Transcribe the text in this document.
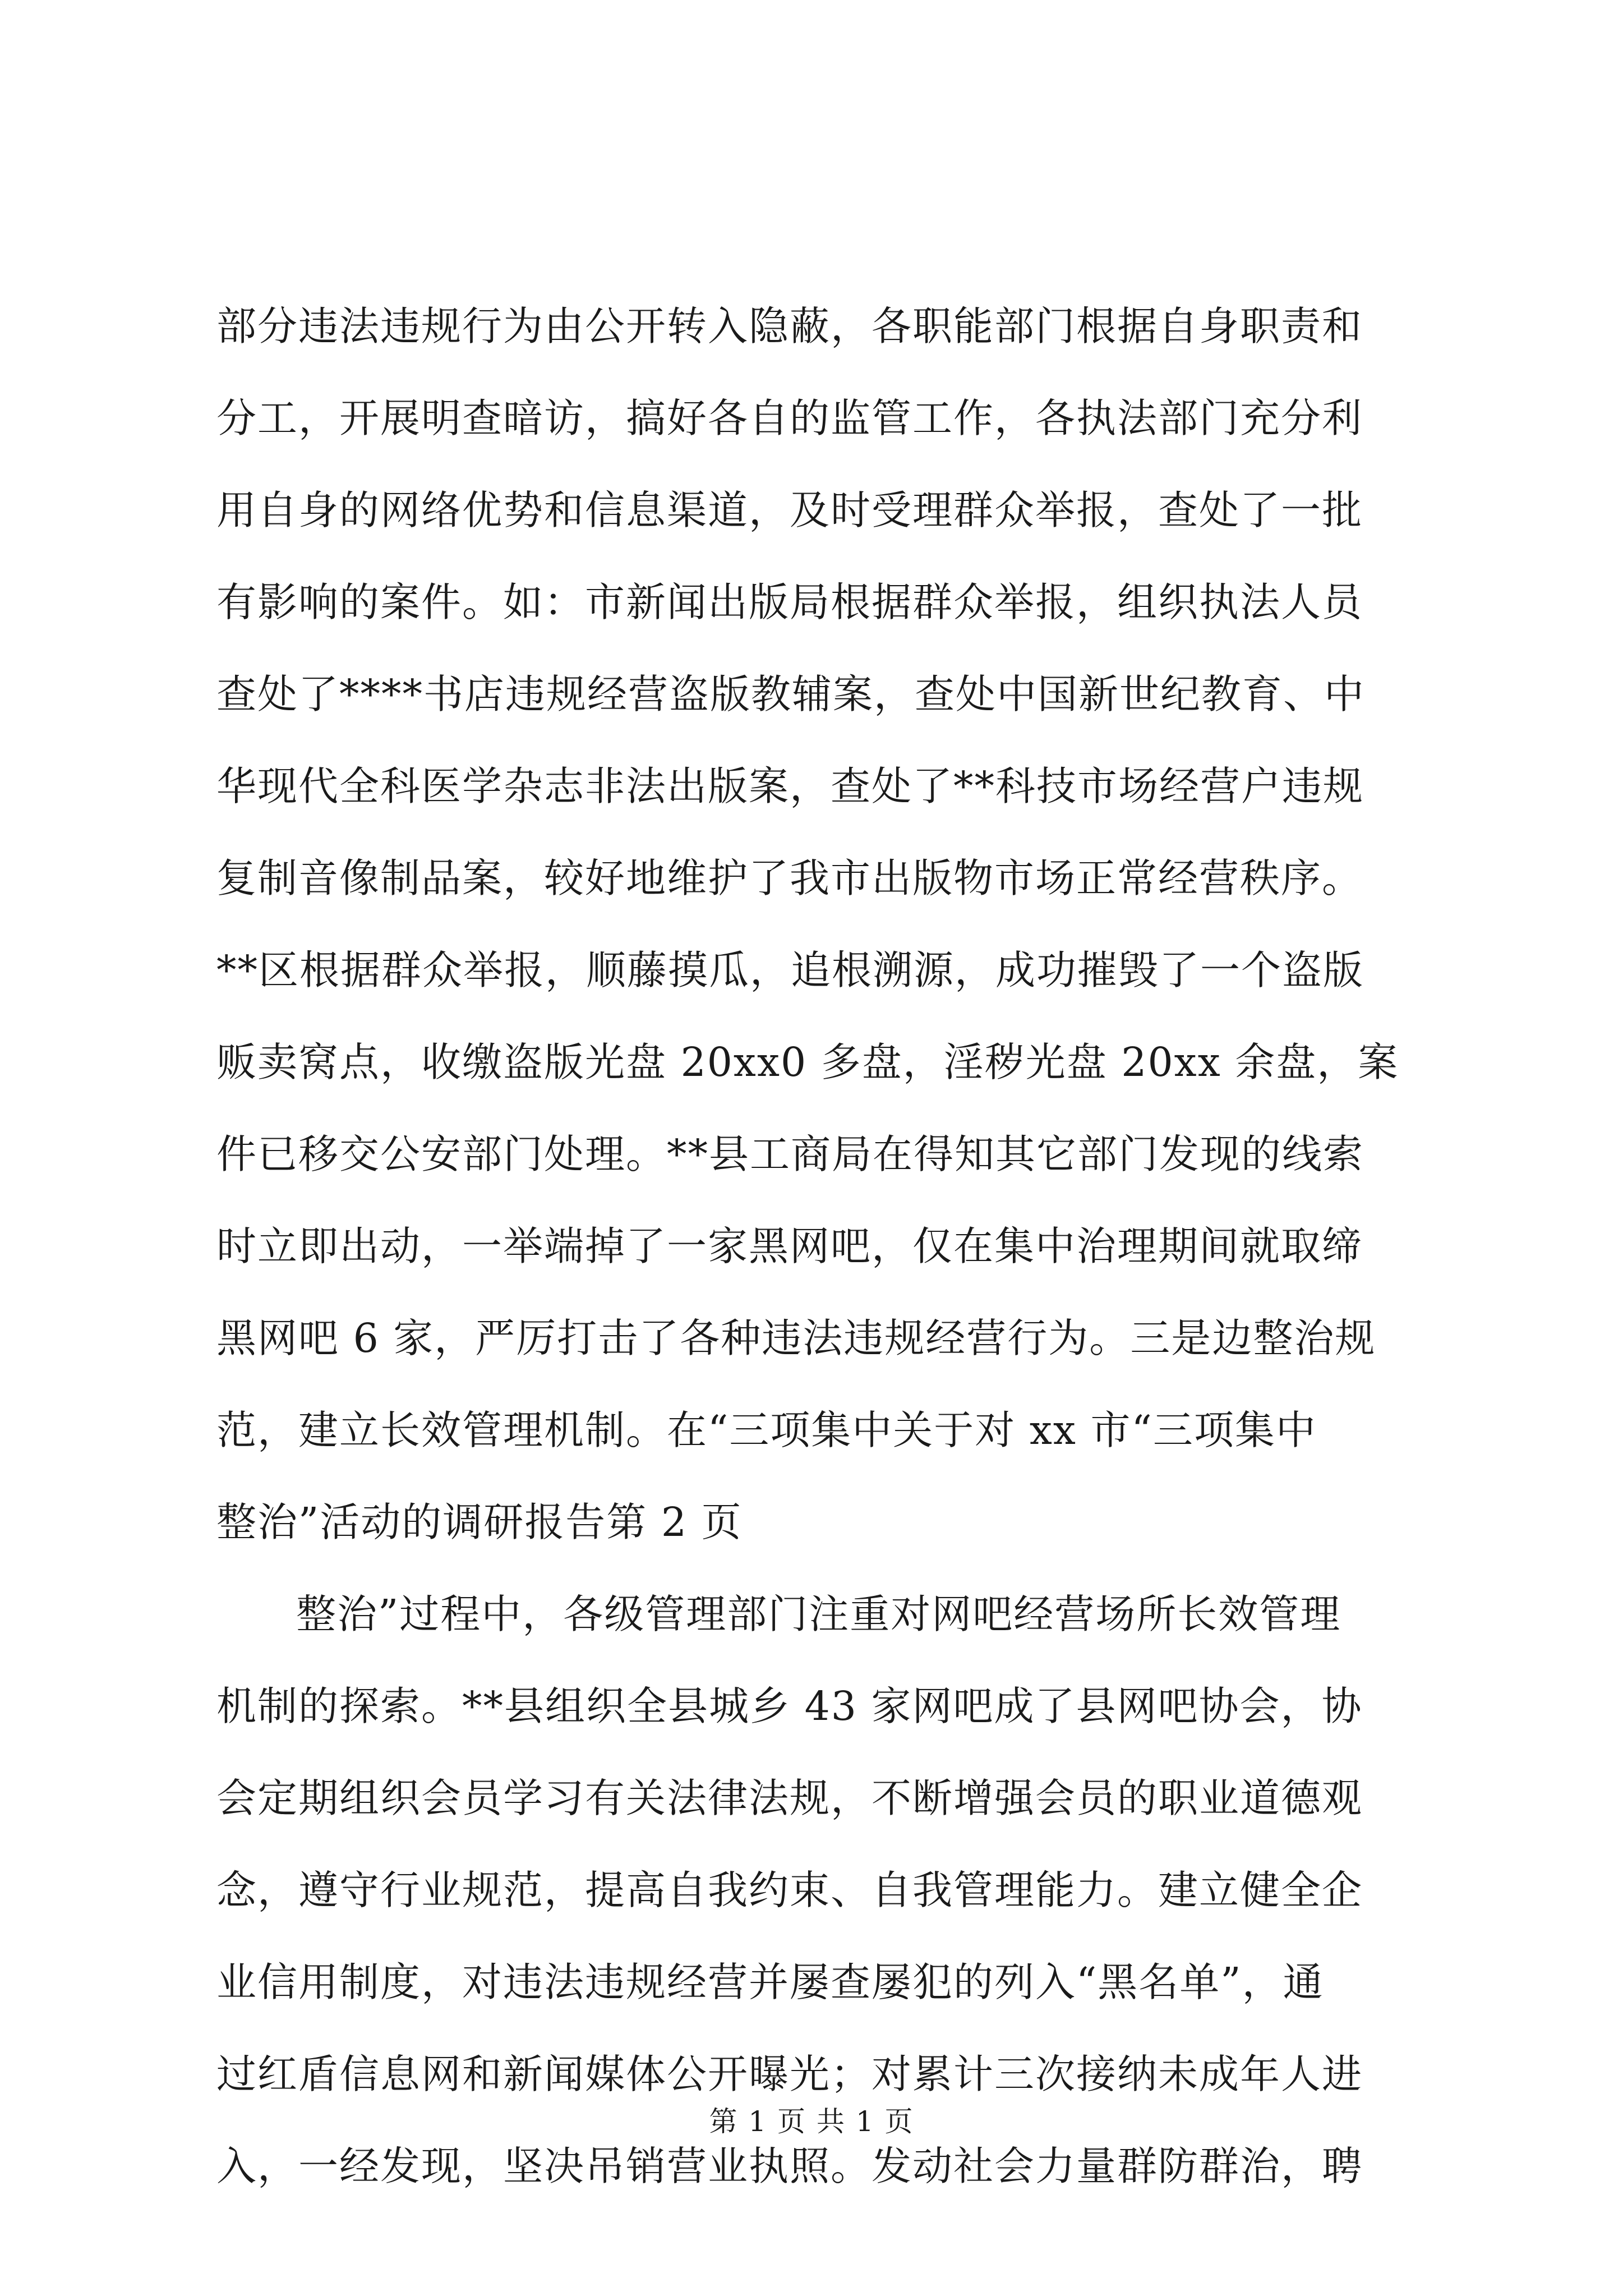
部分违法违规行为由公开转入隐蔽，各职能部门根据自身职责和
分工，开展明查暗访，搞好各自的监管工作，各执法部门充分利
用自身的网络优势和信息渠道，及时受理群众举报，查处了一批
有影响的案件。如：市新闻出版局根据群众举报，组织执法人员
查处了****书店违规经营盗版教辅案，查处中国新世纪教育、中
华现代全科医学杂志非法出版案，查处了**科技市场经营户违规
复制音像制品案，较好地维护了我市出版物市场正常经营秩序。
**区根据群众举报，顺藤摸瓜，追根溯源，成功摧毁了一个盗版
贩卖窝点，收缴盗版光盘 20xx0 多盘，淫秽光盘 20xx 余盘，案
件已移交公安部门处理。**县工商局在得知其它部门发现的线索
时立即出动，一举端掉了一家黑网吧，仅在集中治理期间就取缔
黑网吧 6 家，严厉打击了各种违法违规经营行为。三是边整治规
范，建立长效管理机制。在“三项集中关于对 xx 市“三项集中
整治”活动的调研报告第 2 页
整治”过程中，各级管理部门注重对网吧经营场所长效管理
机制的探索。**县组织全县城乡 43 家网吧成了县网吧协会，协
会定期组织会员学习有关法律法规，不断增强会员的职业道德观
念，遵守行业规范，提高自我约束、自我管理能力。建立健全企
业信用制度，对违法违规经营并屡查屡犯的列入“黑名单”，通
过红盾信息网和新闻媒体公开曝光；对累计三次接纳未成年人进
入，一经发现，坚决吊销营业执照。发动社会力量群防群治，聘
第 1 页 共 1 页
